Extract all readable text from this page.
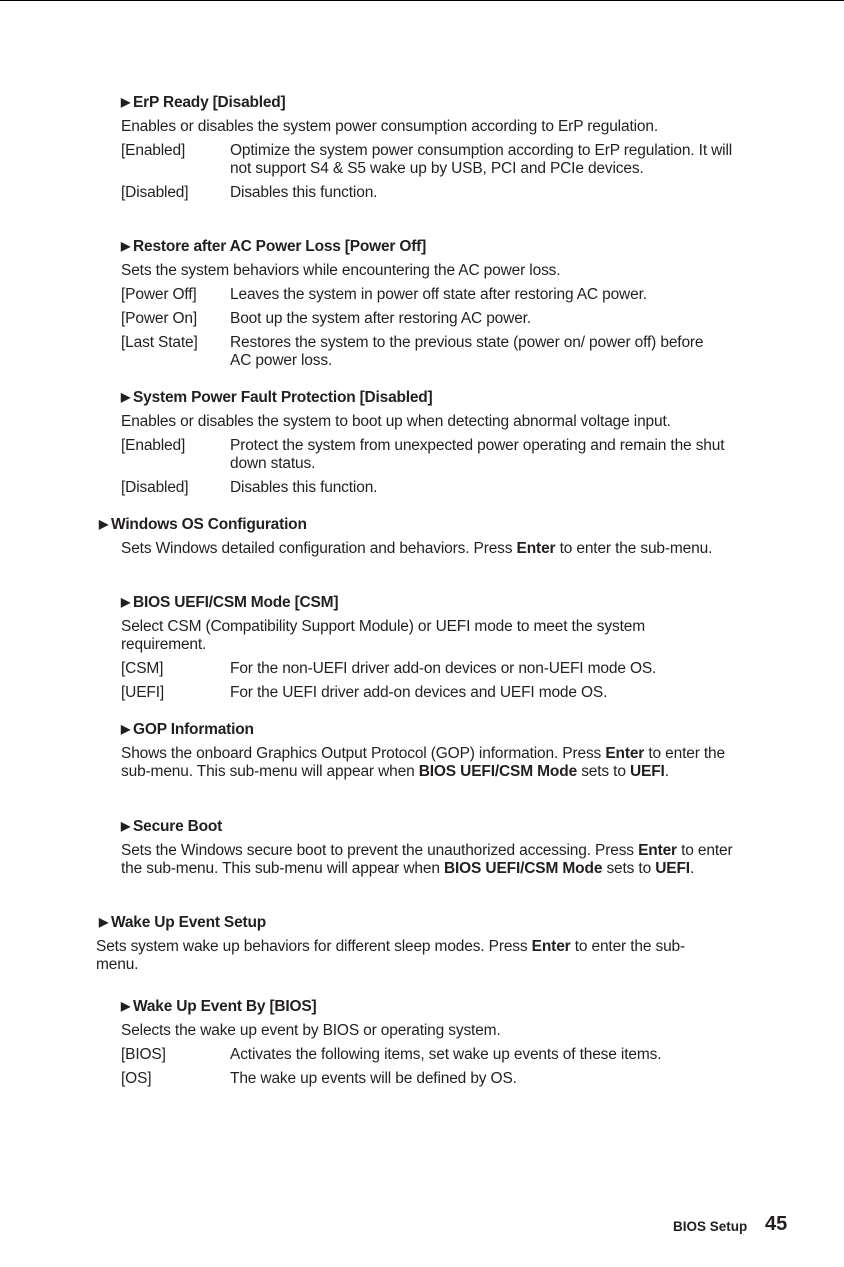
▶ ErP Ready [Disabled]
Enables or disables the system power consumption according to ErP regulation.
[Enabled]	Optimize the system power consumption according to ErP regulation. It will not support S4 & S5 wake up by USB, PCI and PCIe devices.
[Disabled]	Disables this function.
▶ Restore after AC Power Loss [Power Off]
Sets the system behaviors while encountering the AC power loss.
[Power Off]	Leaves the system in power off state after restoring AC power.
[Power On]	Boot up the system after restoring AC power.
[Last State]	Restores the system to the previous state (power on/ power off) before AC power loss.
▶ System Power Fault Protection [Disabled]
Enables or disables the system to boot up when detecting abnormal voltage input.
[Enabled]	Protect the system from unexpected power operating and remain the shut down status.
[Disabled]	Disables this function.
▶ Windows OS Configuration
Sets Windows detailed configuration and behaviors. Press Enter to enter the sub-menu.
▶ BIOS UEFI/CSM Mode [CSM]
Select CSM (Compatibility Support Module) or UEFI mode to meet the system requirement.
[CSM]	For the non-UEFI driver add-on devices or non-UEFI mode OS.
[UEFI]	For the UEFI driver add-on devices and UEFI mode OS.
▶ GOP Information
Shows the onboard Graphics Output Protocol (GOP) information. Press Enter to enter the sub-menu. This sub-menu will appear when BIOS UEFI/CSM Mode sets to UEFI.
▶ Secure Boot
Sets the Windows secure boot to prevent the unauthorized accessing. Press Enter to enter the sub-menu. This sub-menu will appear when BIOS UEFI/CSM Mode sets to UEFI.
▶ Wake Up Event Setup
Sets system wake up behaviors for different sleep modes. Press Enter to enter the sub-menu.
▶ Wake Up Event By [BIOS]
Selects the wake up event by BIOS or operating system.
[BIOS]	Activates the following items, set wake up events of these items.
[OS]	The wake up events will be defined by OS.
BIOS Setup 45
